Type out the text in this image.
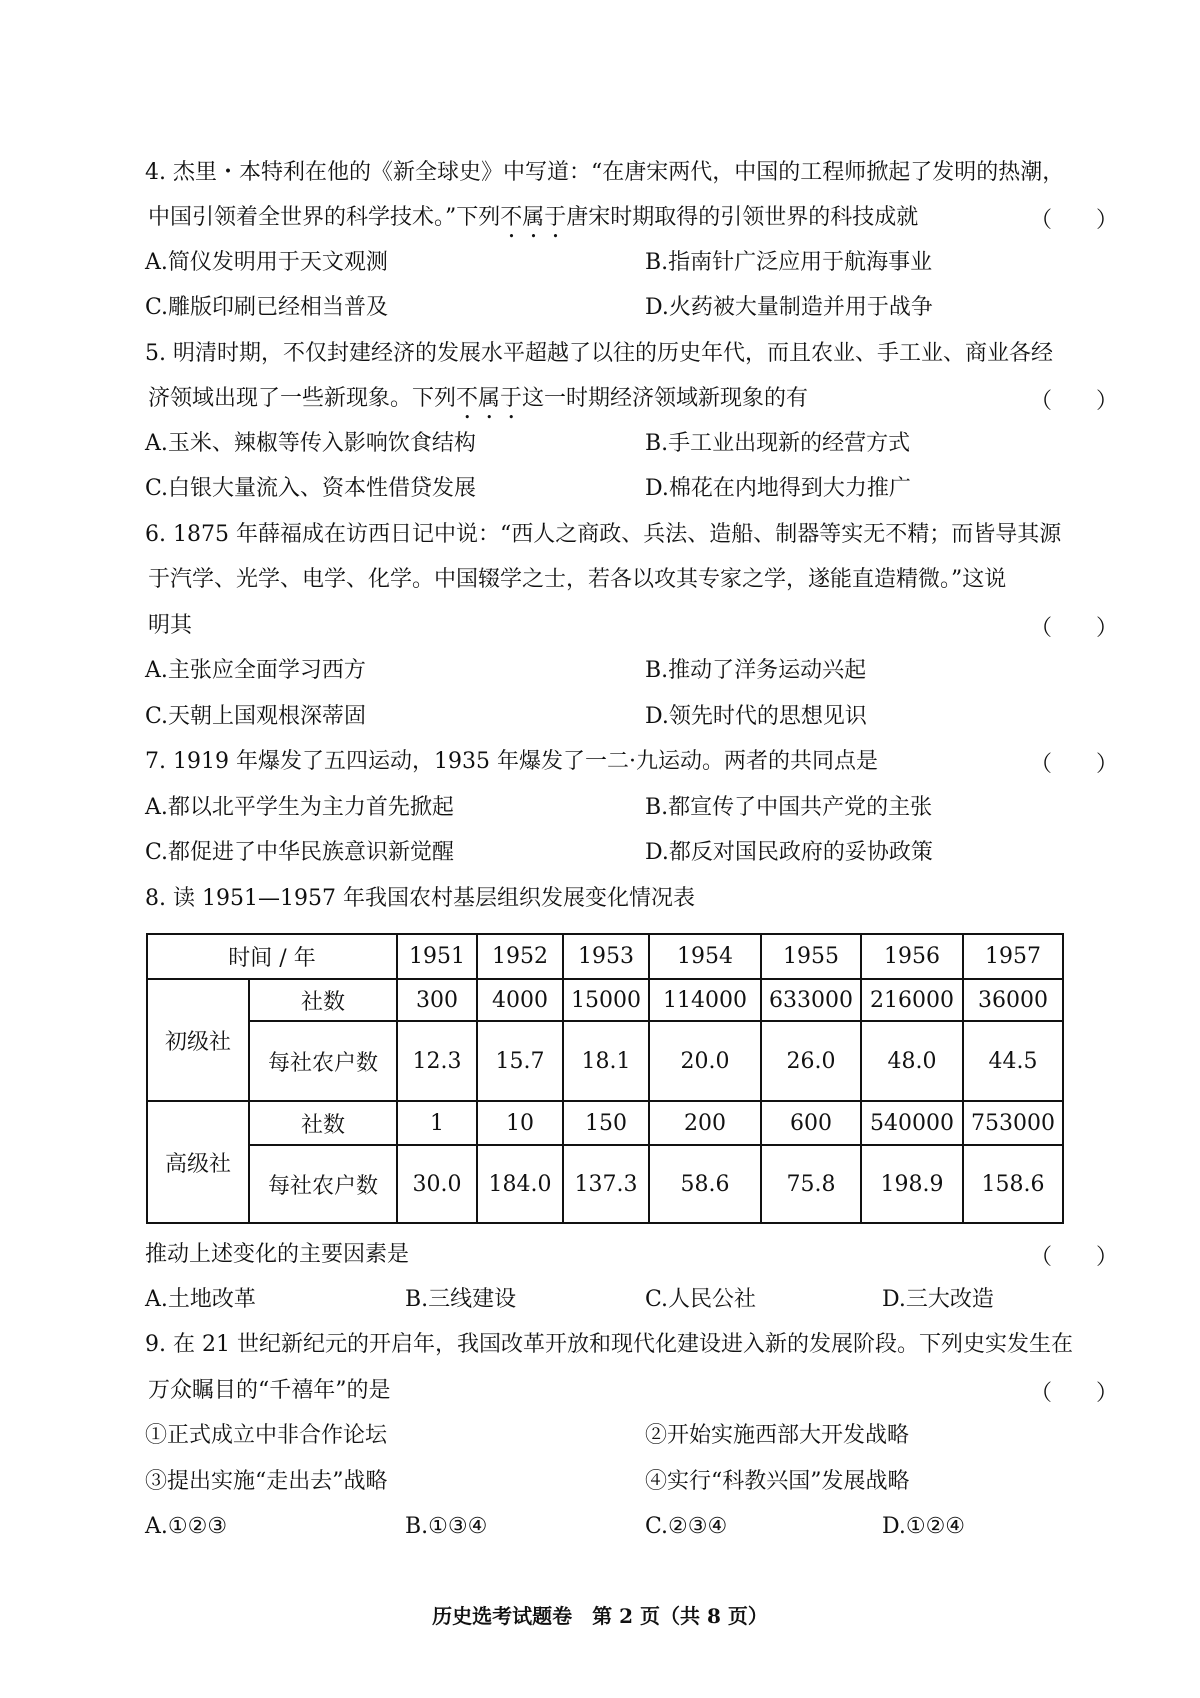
4. 杰里・本特利在他的《新全球史》中写道：“在唐宋两代，中国的工程师掀起了发明的热潮，
中国引领着全世界的科学技术。”下列不属于唐宋时期取得的引领世界的科技成就	（　　）
A.简仪发明用于天文观测	B.指南针广泛应用于航海事业
C.雕版印刷已经相当普及	D.火药被大量制造并用于战争
5. 明清时期，不仅封建经济的发展水平超越了以往的历史年代，而且农业、手工业、商业各经
济领域出现了一些新现象。下列不属于这一时期经济领域新现象的有	（　　）
A.玉米、辣椒等传入影响饮食结构	B.手工业出现新的经营方式
C.白银大量流入、资本性借贷发展	D.棉花在内地得到大力推广
6. 1875 年薛福成在访西日记中说：“西人之商政、兵法、造船、制器等实无不精；而皆导其源
于汽学、光学、电学、化学。中国辍学之士，若各以攻其专家之学，遂能直造精微。”这说
明其	（　　）
A.主张应全面学习西方	B.推动了洋务运动兴起
C.天朝上国观根深蒂固	D.领先时代的思想见识
7. 1919 年爆发了五四运动，1935 年爆发了一二·九运动。两者的共同点是	（　　）
A.都以北平学生为主力首先掀起	B.都宣传了中国共产党的主张
C.都促进了中华民族意识新觉醒	D.都反对国民政府的妥协政策
8. 读 1951—1957 年我国农村基层组织发展变化情况表
时间 / 年		1951	1952	1953	1954	1955	1956	1957
初级社	社数	300	4000	15000	114000	633000	216000	36000
	每社农户数	12.3	15.7	18.1	20.0	26.0	48.0	44.5
高级社	社数	1	10	150	200	600	540000	753000
	每社农户数	30.0	184.0	137.3	58.6	75.8	198.9	158.6
推动上述变化的主要因素是	（　　）
A.土地改革	B.三线建设	C.人民公社	D.三大改造
9. 在 21 世纪新纪元的开启年，我国改革开放和现代化建设进入新的发展阶段。下列史实发生在
万众瞩目的“千禧年”的是	（　　）
①正式成立中非合作论坛	②开始实施西部大开发战略
③提出实施“走出去”战略	④实行“科教兴国”发展战略
A.①②③	B.①③④	C.②③④	D.①②④
历史选考试题卷　第 2 页（共 8 页）
